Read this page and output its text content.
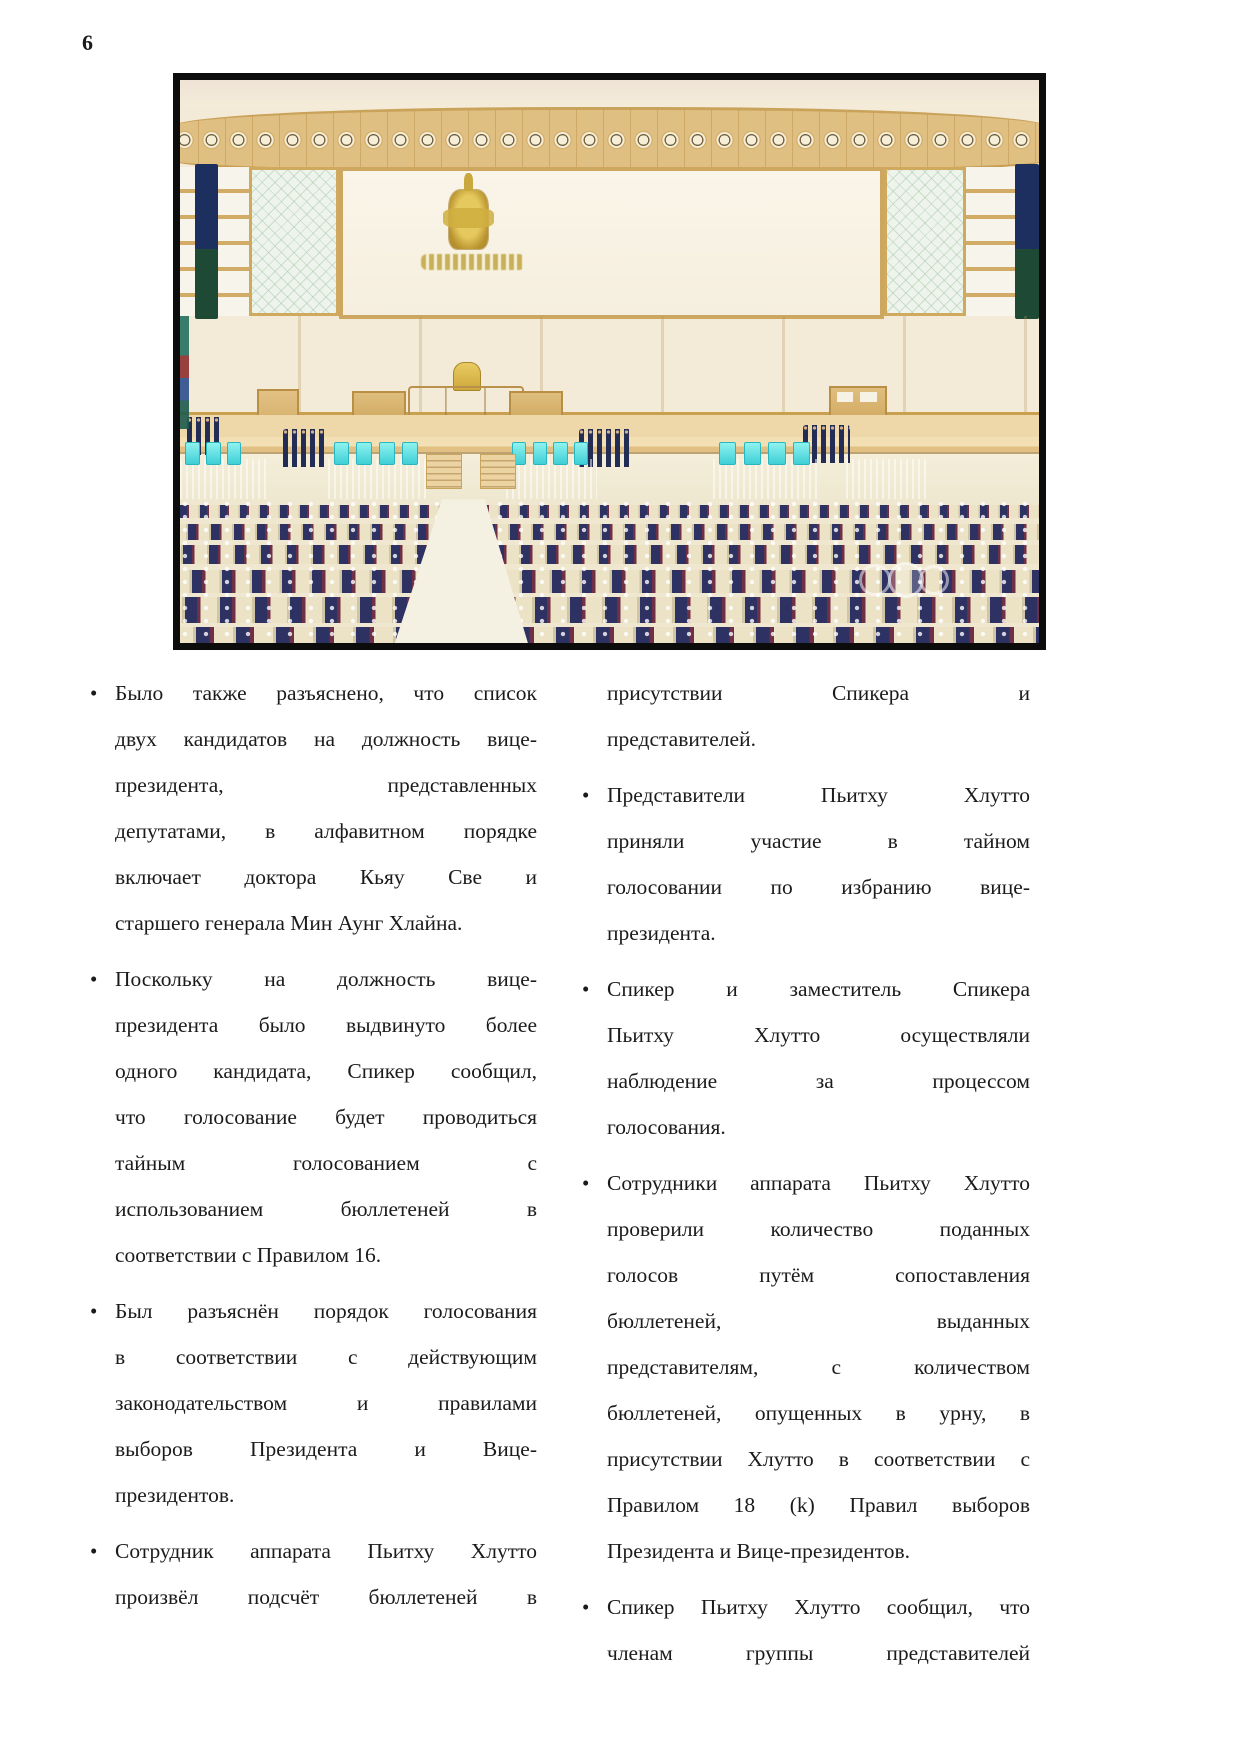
6
• Было также разъяснено, что список
двух кандидатов на должность вице-
президента, представленных
депутатами, в алфавитном порядке
включает доктора Кьяу Све и
старшего генерала Мин Аунг Хлайна.
• Поскольку на должность вице-
президента было выдвинуто более
одного кандидата, Спикер сообщил,
что голосование будет проводиться
тайным голосованием с
использованием бюллетеней в
соответствии с Правилом 16.
• Был разъяснён порядок голосования
в соответствии с действующим
законодательством и правилами
выборов Президента и Вице-
президентов.
• Сотрудник аппарата Пьитху Хлутто
произвёл подсчёт бюллетеней в
присутствии Спикера и
представителей.
• Представители Пьитху Хлутто
приняли участие в тайном
голосовании по избранию вице-
президента.
• Спикер и заместитель Спикера
Пьитху Хлутто осуществляли
наблюдение за процессом
голосования.
• Сотрудники аппарата Пьитху Хлутто
проверили количество поданных
голосов путём сопоставления
бюллетеней, выданных
представителям, с количеством
бюллетеней, опущенных в урну, в
присутствии Хлутто в соответствии с
Правилом 18 (k) Правил выборов
Президента и Вице-президентов.
• Спикер Пьитху Хлутто сообщил, что
членам группы представителей
